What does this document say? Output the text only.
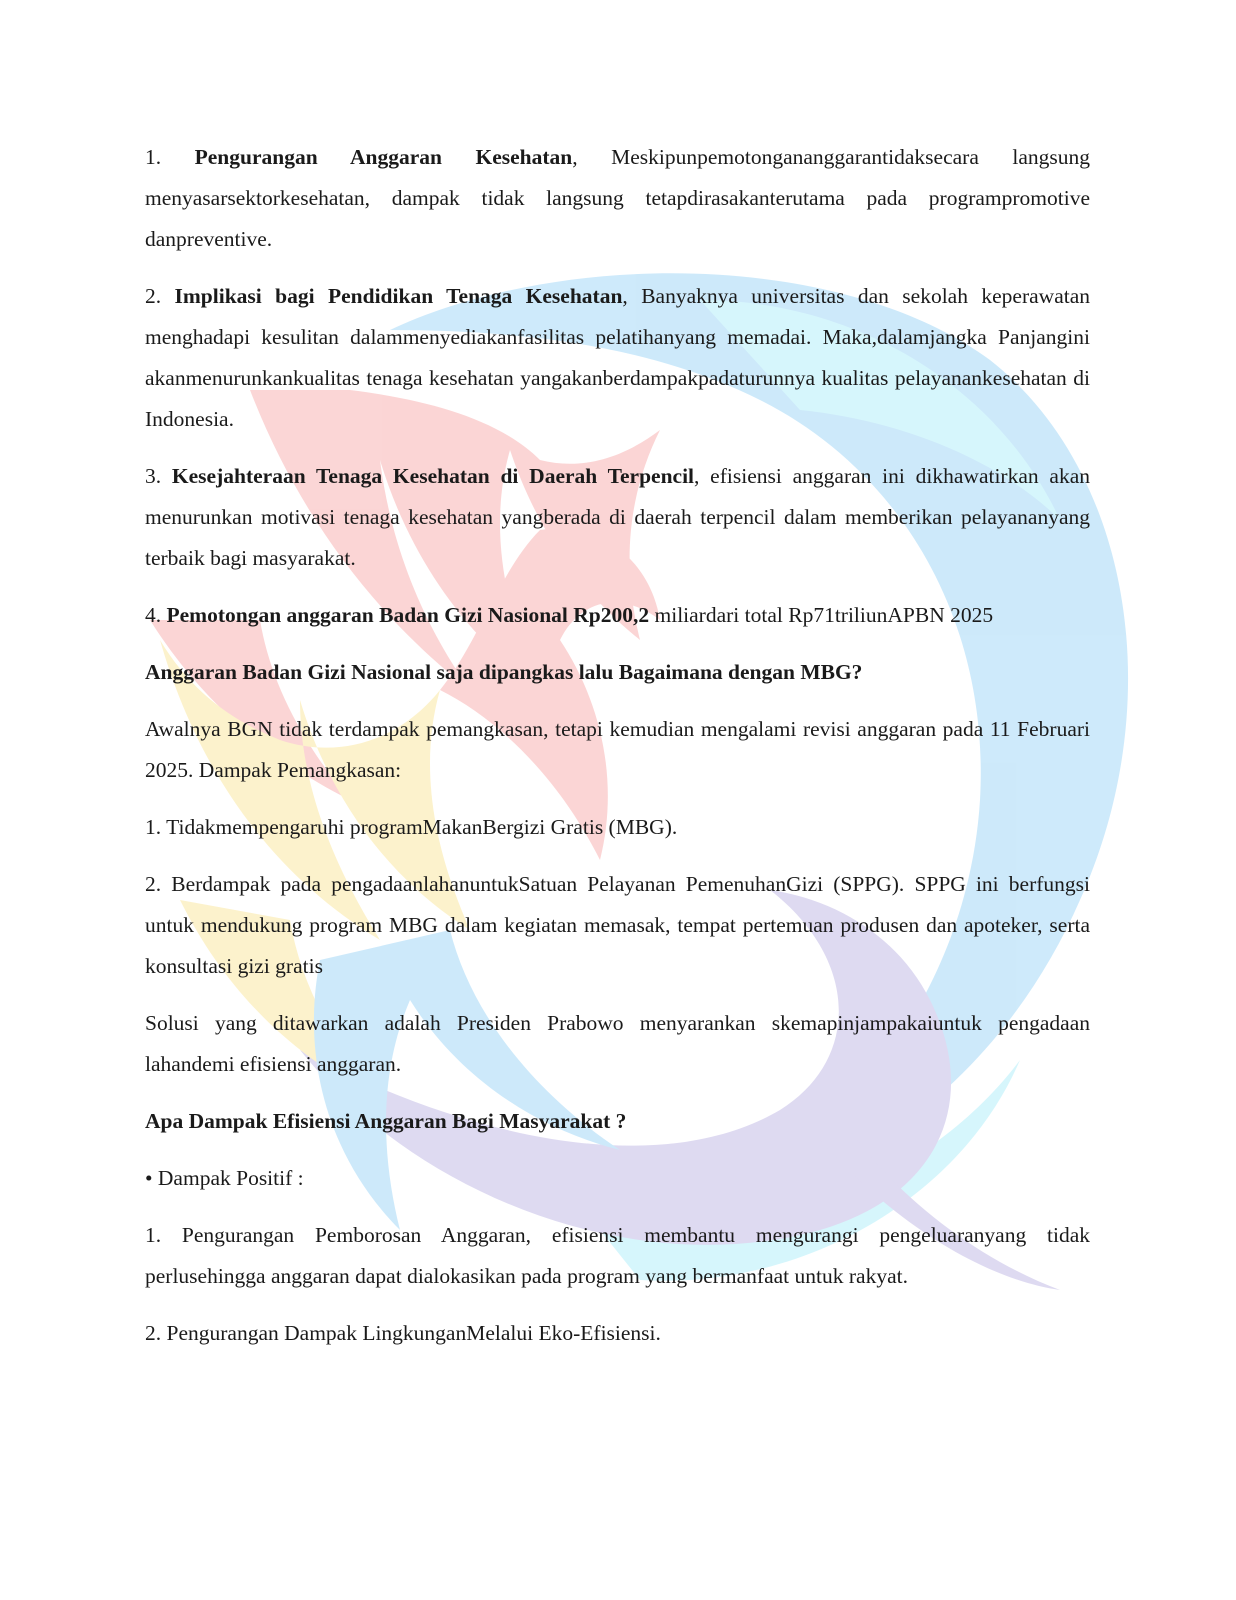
1. Pengurangan Anggaran Kesehatan, Meskipunpemotongananggarantidaksecara langsung menyasarsektorkesehatan, dampak tidak langsung tetapdirasakanterutama pada programpromotive danpreventive.

2. Implikasi bagi Pendidikan Tenaga Kesehatan, Banyaknya universitas dan sekolah keperawatan menghadapi kesulitan dalammenyediakanfasilitas pelatihanyang memadai. Maka,dalamjangka Panjangini akanmenurunkankualitas tenaga kesehatan yangakanberdampakpadaturunnya kualitas pelayanankesehatan di Indonesia.

3. Kesejahteraan Tenaga Kesehatan di Daerah Terpencil, efisiensi anggaran ini dikhawatirkan akan menurunkan motivasi tenaga kesehatan yangberada di daerah terpencil dalam memberikan pelayananyang terbaik bagi masyarakat.

4. Pemotongan anggaran Badan Gizi Nasional Rp200,2 miliardari total Rp71triliunAPBN 2025

Anggaran Badan Gizi Nasional saja dipangkas lalu Bagaimana dengan MBG?

Awalnya BGN tidak terdampak pemangkasan, tetapi kemudian mengalami revisi anggaran pada 11 Februari 2025. Dampak Pemangkasan:

1. Tidakmempengaruhi programMakanBergizi Gratis (MBG).

2. Berdampak pada pengadaanlahanuntukSatuan Pelayanan PemenuhanGizi (SPPG). SPPG ini berfungsi untuk mendukung program MBG dalam kegiatan memasak, tempat pertemuan produsen dan apoteker, serta konsultasi gizi gratis

Solusi yang ditawarkan adalah Presiden Prabowo menyarankan skemapinjampakaiuntuk pengadaan lahandemi efisiensi anggaran.

Apa Dampak Efisiensi Anggaran Bagi Masyarakat ?

• Dampak Positif :

1. Pengurangan Pemborosan Anggaran, efisiensi membantu mengurangi pengeluaranyang tidak perlusehingga anggaran dapat dialokasikan pada program yang bermanfaat untuk rakyat.

2. Pengurangan Dampak LingkunganMelalui Eko-Efisiensi.
